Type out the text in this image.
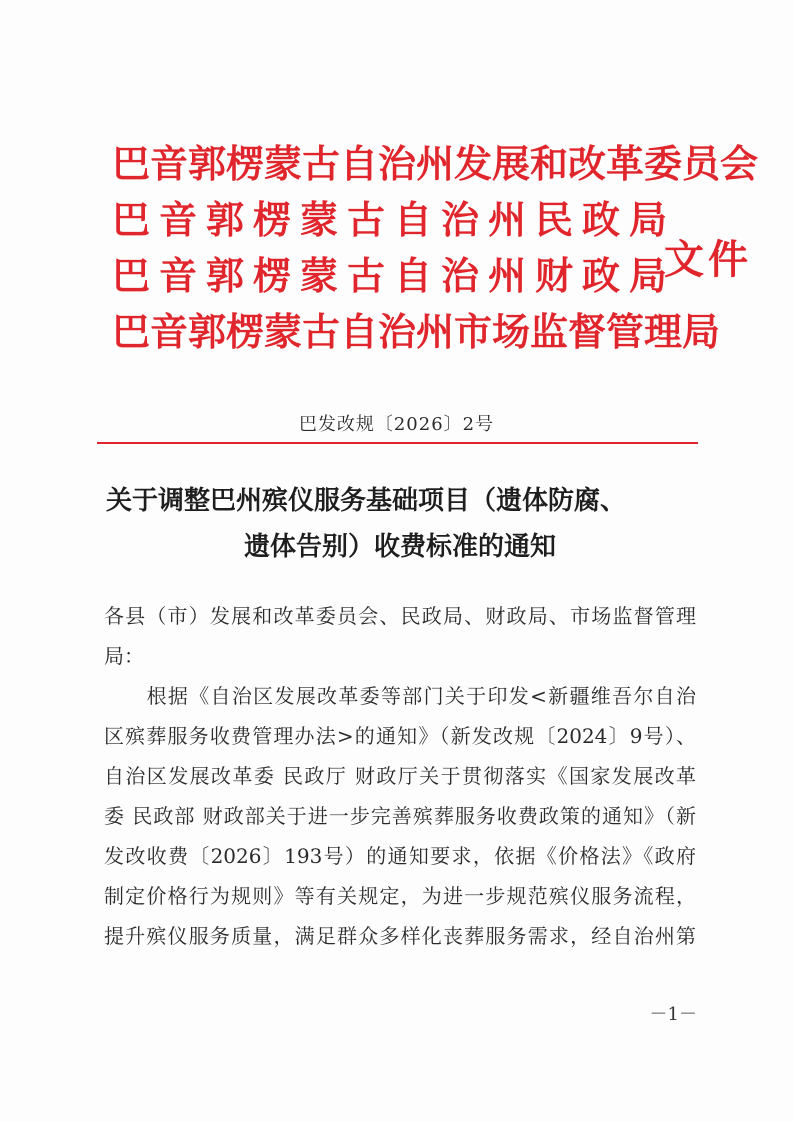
巴音郭楞蒙古自治州发展和改革委员会
巴音郭楞蒙古自治州民政局
巴音郭楞蒙古自治州财政局
巴音郭楞蒙古自治州市场监督管理局
文件
巴发改规〔2026〕2号
关于调整巴州殡仪服务基础项目（遗体防腐、
遗体告别）收费标准的通知
各县（市）发展和改革委员会、民政局、财政局、市场监督管理
局：
　　根据《自治区发展改革委等部门关于印发<新疆维吾尔自治
区殡葬服务收费管理办法>的通知》（新发改规〔2024〕9号）、
自治区发展改革委 民政厅 财政厅关于贯彻落实《国家发展改革
委 民政部 财政部关于进一步完善殡葬服务收费政策的通知》（新
发改收费〔2026〕193号）的通知要求，依据《价格法》《政府
制定价格行为规则》等有关规定，为进一步规范殡仪服务流程，
提升殡仪服务质量，满足群众多样化丧葬服务需求，经自治州第
－1－
